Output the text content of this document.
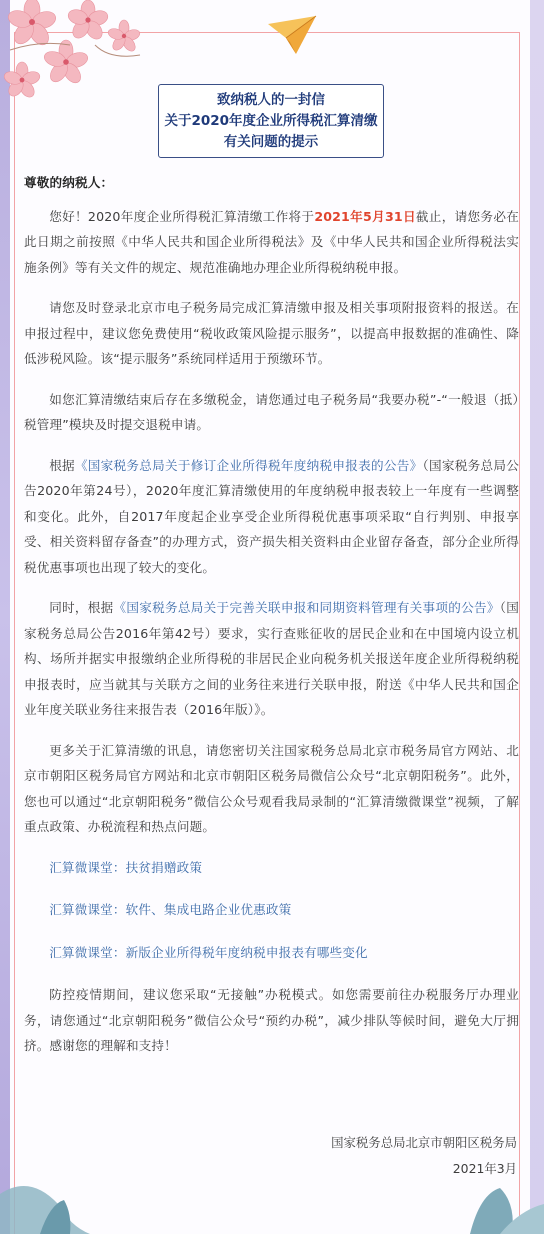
致纳税人的一封信
关于2020年度企业所得税汇算清缴
有关问题的提示
尊敬的纳税人：

您好！2020年度企业所得税汇算清缴工作将于2021年5月31日截止，请您务必在此日期之前按照《中华人民共和国企业所得税法》及《中华人民共和国企业所得税法实施条例》等有关文件的规定、规范准确地办理企业所得税纳税申报。

请您及时登录北京市电子税务局完成汇算清缴申报及相关事项附报资料的报送。在申报过程中，建议您免费使用“税收政策风险提示服务”，以提高申报数据的准确性、降低涉税风险。该“提示服务”系统同样适用于预缴环节。

如您汇算清缴结束后存在多缴税金，请您通过电子税务局“我要办税”-“一般退（抵）税管理”模块及时提交退税申请。

根据《国家税务总局关于修订企业所得税年度纳税申报表的公告》（国家税务总局公告2020年第24号），2020年度汇算清缴使用的年度纳税申报表较上一年度有一些调整和变化。此外，自2017年度起企业享受企业所得税优惠事项采取“自行判别、申报享受、相关资料留存备查”的办理方式，资产损失相关资料由企业留存备查，部分企业所得税优惠事项也出现了较大的变化。

同时，根据《国家税务总局关于完善关联申报和同期资料管理有关事项的公告》（国家税务总局公告2016年第42号）要求，实行查账征收的居民企业和在中国境内设立机构、场所并据实申报缴纳企业所得税的非居民企业向税务机关报送年度企业所得税纳税申报表时，应当就其与关联方之间的业务往来进行关联申报，附送《中华人民共和国企业年度关联业务往来报告表（2016年版）》。

更多关于汇算清缴的讯息，请您密切关注国家税务总局北京市税务局官方网站、北京市朝阳区税务局官方网站和北京市朝阳区税务局微信公众号“北京朝阳税务”。此外，您也可以通过“北京朝阳税务”微信公众号观看我局录制的“汇算清缴微课堂”视频，了解重点政策、办税流程和热点问题。

汇算微课堂：扶贫捐赠政策
汇算微课堂：软件、集成电路企业优惠政策
汇算微课堂：新版企业所得税年度纳税申报表有哪些变化

防控疫情期间，建议您采取“无接触”办税模式。如您需要前往办税服务厅办理业务，请您通过“北京朝阳税务”微信公众号“预约办税”，减少排队等候时间，避免大厅拥挤。感谢您的理解和支持！

国家税务总局北京市朝阳区税务局
2021年3月
